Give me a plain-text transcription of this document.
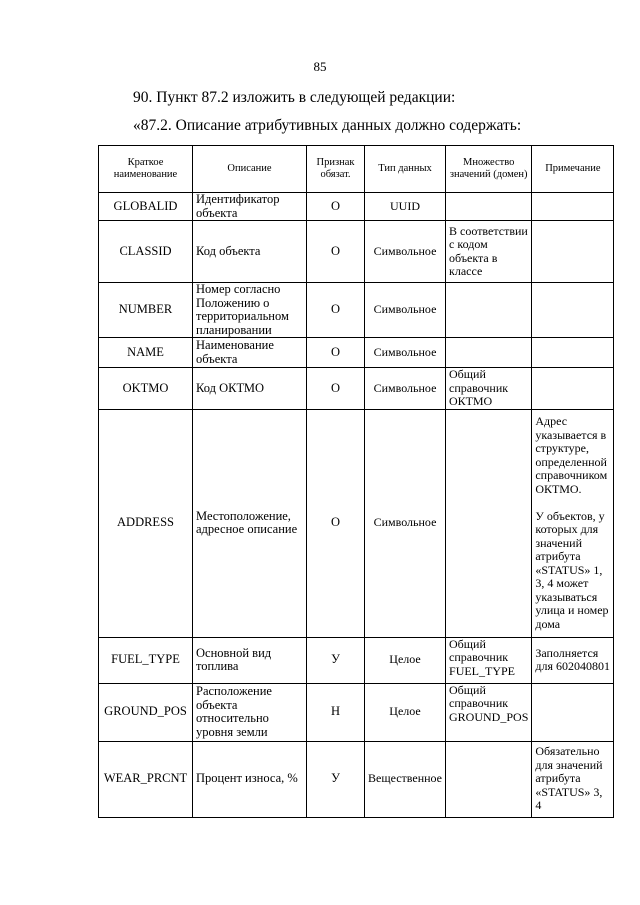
85
90. Пункт 87.2 изложить в следующей редакции:
«87.2. Описание атрибутивных данных должно содержать:
Краткое наименование	Описание	Признак обязат.	Тип данных	Множество значений (домен)	Примечание
GLOBALID	Идентификатор объекта	О	UUID		
CLASSID	Код объекта	О	Символьное	В соответствии с кодом объекта в классе	
NUMBER	Номер согласно Положению о территориальном планировании	О	Символьное		
NAME	Наименование объекта	О	Символьное		
OKTMO	Код ОКТМО	О	Символьное	Общий справочник ОКТМО	
ADDRESS	Местоположение, адресное описание	О	Символьное		Адрес указывается в структуре, определенной справочником ОКТМО.

У объектов, у которых для значений атрибута «STATUS» 1, 3, 4 может указываться улица и номер дома
FUEL_TYPE	Основной вид топлива	У	Целое	Общий справочник FUEL_TYPE	Заполняется для 602040801
GROUND_POS	Расположение объекта относительно уровня земли	Н	Целое	Общий справочник GROUND_POS	
WEAR_PRCNT	Процент износа, %	У	Вещественное		Обязательно для значений атрибута «STATUS» 3, 4
